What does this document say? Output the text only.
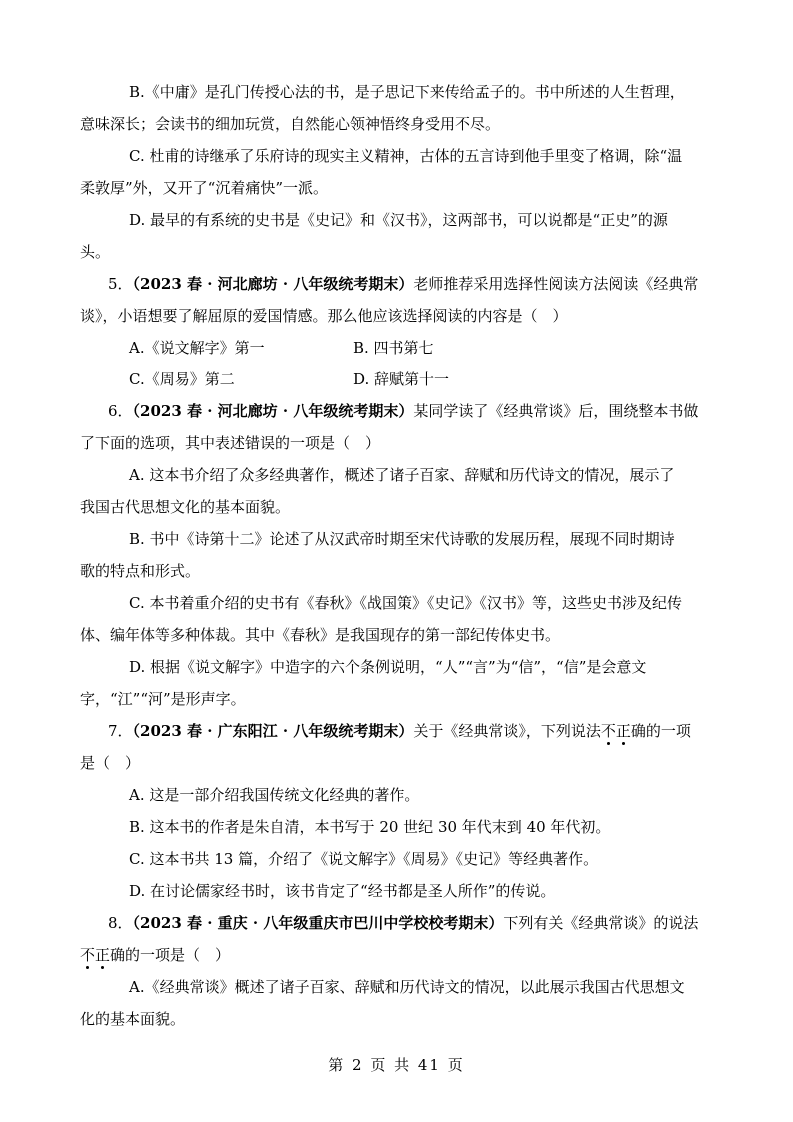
B.《中庸》是孔门传授心法的书，是子思记下来传给孟子的。书中所述的人生哲理，
意味深长；会读书的细加玩赏，自然能心领神悟终身受用不尽。
C. 杜甫的诗继承了乐府诗的现实主义精神，古体的五言诗到他手里变了格调，除“温
柔敦厚”外，又开了“沉着痛快”一派。
D. 最早的有系统的史书是《史记》和《汉书》，这两部书，可以说都是“正史”的源
头。
5．（2023 春 · 河北廊坊 · 八年级统考期末）老师推荐采用选择性阅读方法阅读《经典常
谈》，小语想要了解屈原的爱国情感。那么他应该选择阅读的内容是（　）
A.《说文解字》第一	B. 四书第七
C.《周易》第二	D. 辞赋第十一
6．（2023 春 · 河北廊坊 · 八年级统考期末）某同学读了《经典常谈》后，围绕整本书做
了下面的选项，其中表述错误的一项是（　）
A. 这本书介绍了众多经典著作，概述了诸子百家、辞赋和历代诗文的情况，展示了
我国古代思想文化的基本面貌。
B. 书中《诗第十二》论述了从汉武帝时期至宋代诗歌的发展历程，展现不同时期诗
歌的特点和形式。
C. 本书着重介绍的史书有《春秋》《战国策》《史记》《汉书》等，这些史书涉及纪传
体、编年体等多种体裁。其中《春秋》是我国现存的第一部纪传体史书。
D. 根据《说文解字》中造字的六个条例说明，“人”“言”为“信”，“信”是会意文
字，“江”“河”是形声字。
7．（2023 春 · 广东阳江 · 八年级统考期末）关于《经典常谈》，下列说法不正确的一项
是（　）
A. 这是一部介绍我国传统文化经典的著作。
B. 这本书的作者是朱自清，本书写于 20 世纪 30 年代末到 40 年代初。
C. 这本书共 13 篇，介绍了《说文解字》《周易》《史记》等经典著作。
D. 在讨论儒家经书时，该书肯定了“经书都是圣人所作”的传说。
8．（2023 春 · 重庆 · 八年级重庆市巴川中学校校考期末）下列有关《经典常谈》的说法
不正确的一项是（　）
A.《经典常谈》概述了诸子百家、辞赋和历代诗文的情况，以此展示我国古代思想文
化的基本面貌。
第 2 页 共 41 页
